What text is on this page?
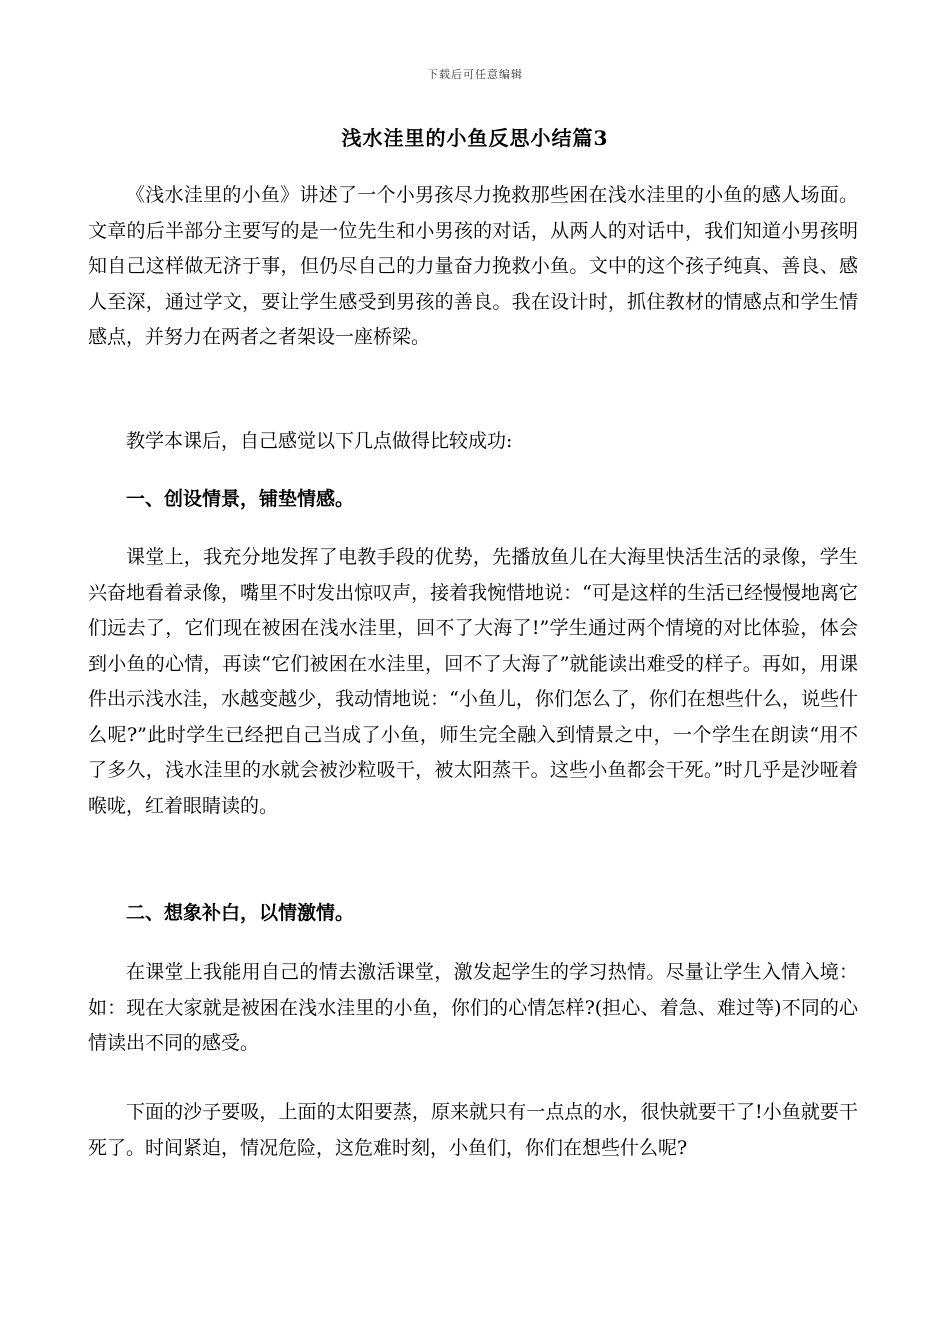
下载后可任意编辑
浅水洼里的小鱼反思小结篇3

《浅水洼里的小鱼》讲述了一个小男孩尽力挽救那些困在浅水洼里的小鱼的感人场面。文章的后半部分主要写的是一位先生和小男孩的对话，从两人的对话中，我们知道小男孩明知自己这样做无济于事，但仍尽自己的力量奋力挽救小鱼。文中的这个孩子纯真、善良、感人至深，通过学文，要让学生感受到男孩的善良。我在设计时，抓住教材的情感点和学生情感点，并努力在两者之者架设一座桥梁。

教学本课后，自己感觉以下几点做得比较成功:

一、创设情景，铺垫情感。

课堂上，我充分地发挥了电教手段的优势，先播放鱼儿在大海里快活生活的录像，学生兴奋地看着录像，嘴里不时发出惊叹声，接着我惋惜地说：“可是这样的生活已经慢慢地离它们远去了，它们现在被困在浅水洼里，回不了大海了!”学生通过两个情境的对比体验，体会到小鱼的心情，再读“它们被困在水洼里，回不了大海了”就能读出难受的样子。再如，用课件出示浅水洼，水越变越少，我动情地说：“小鱼儿，你们怎么了，你们在想些什么，说些什么呢?”此时学生已经把自己当成了小鱼，师生完全融入到情景之中，一个学生在朗读“用不了多久，浅水洼里的水就会被沙粒吸干，被太阳蒸干。这些小鱼都会干死。”时几乎是沙哑着喉咙，红着眼睛读的。

二、想象补白，以情激情。

在课堂上我能用自己的情去激活课堂，激发起学生的学习热情。尽量让学生入情入境：如：现在大家就是被困在浅水洼里的小鱼，你们的心情怎样?(担心、着急、难过等)不同的心情读出不同的感受。

下面的沙子要吸，上面的太阳要蒸，原来就只有一点点的水，很快就要干了!小鱼就要干死了。时间紧迫，情况危险，这危难时刻，小鱼们，你们在想些什么呢?
